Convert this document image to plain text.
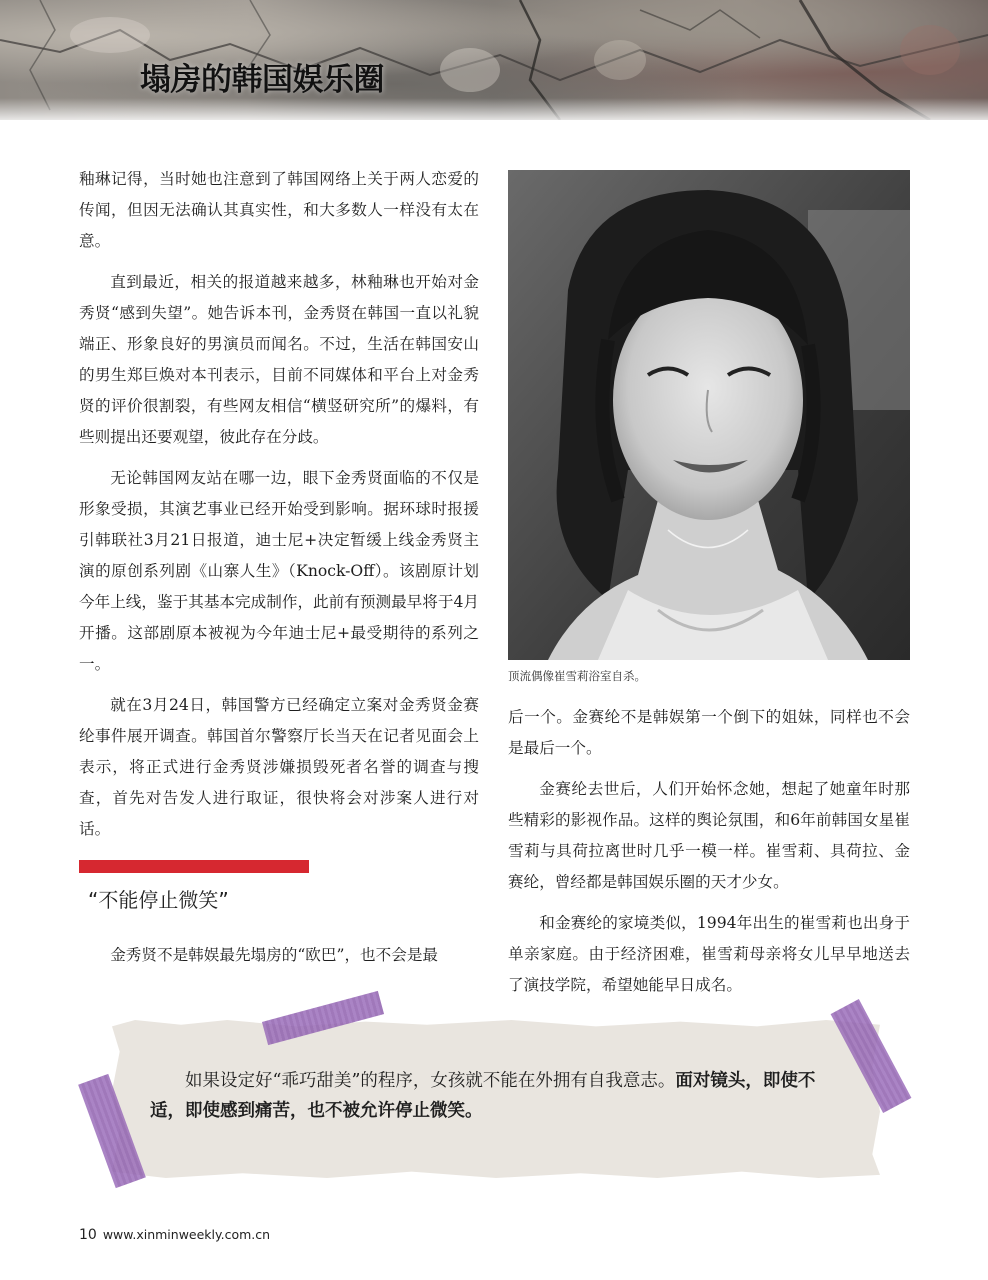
塌房的韩国娱乐圈

釉琳记得，当时她也注意到了韩国网络上关于两人恋爱的传闻，但因无法确认其真实性，和大多数人一样没有太在意。

直到最近，相关的报道越来越多，林釉琳也开始对金秀贤“感到失望”。她告诉本刊，金秀贤在韩国一直以礼貌端正、形象良好的男演员而闻名。不过，生活在韩国安山的男生郑巨焕对本刊表示，目前不同媒体和平台上对金秀贤的评价很割裂，有些网友相信“横竖研究所”的爆料，有些则提出还要观望，彼此存在分歧。

无论韩国网友站在哪一边，眼下金秀贤面临的不仅是形象受损，其演艺事业已经开始受到影响。据环球时报援引韩联社3月21日报道，迪士尼+决定暂缓上线金秀贤主演的原创系列剧《山寨人生》（Knock-Off）。该剧原计划今年上线，鉴于其基本完成制作，此前有预测最早将于4月开播。这部剧原本被视为今年迪士尼+最受期待的系列之一。

就在3月24日，韩国警方已经确定立案对金秀贤金赛纶事件展开调查。韩国首尔警察厅长当天在记者见面会上表示，将正式进行金秀贤涉嫌损毁死者名誉的调查与搜查，首先对告发人进行取证，很快将会对涉案人进行对话。

“不能停止微笑”

金秀贤不是韩娱最先塌房的“欧巴”，也不会是最

顶流偶像崔雪莉浴室自杀。

后一个。金赛纶不是韩娱第一个倒下的姐妹，同样也不会是最后一个。

金赛纶去世后，人们开始怀念她，想起了她童年时那些精彩的影视作品。这样的舆论氛围，和6年前韩国女星崔雪莉与具荷拉离世时几乎一模一样。崔雪莉、具荷拉、金赛纶，曾经都是韩国娱乐圈的天才少女。

和金赛纶的家境类似，1994年出生的崔雪莉也出身于单亲家庭。由于经济困难，崔雪莉母亲将女儿早早地送去了演技学院，希望她能早日成名。

如果设定好“乖巧甜美”的程序，女孩就不能在外拥有自我意志。面对镜头，即使不适，即使感到痛苦，也不被允许停止微笑。

10 www.xinminweekly.com.cn
